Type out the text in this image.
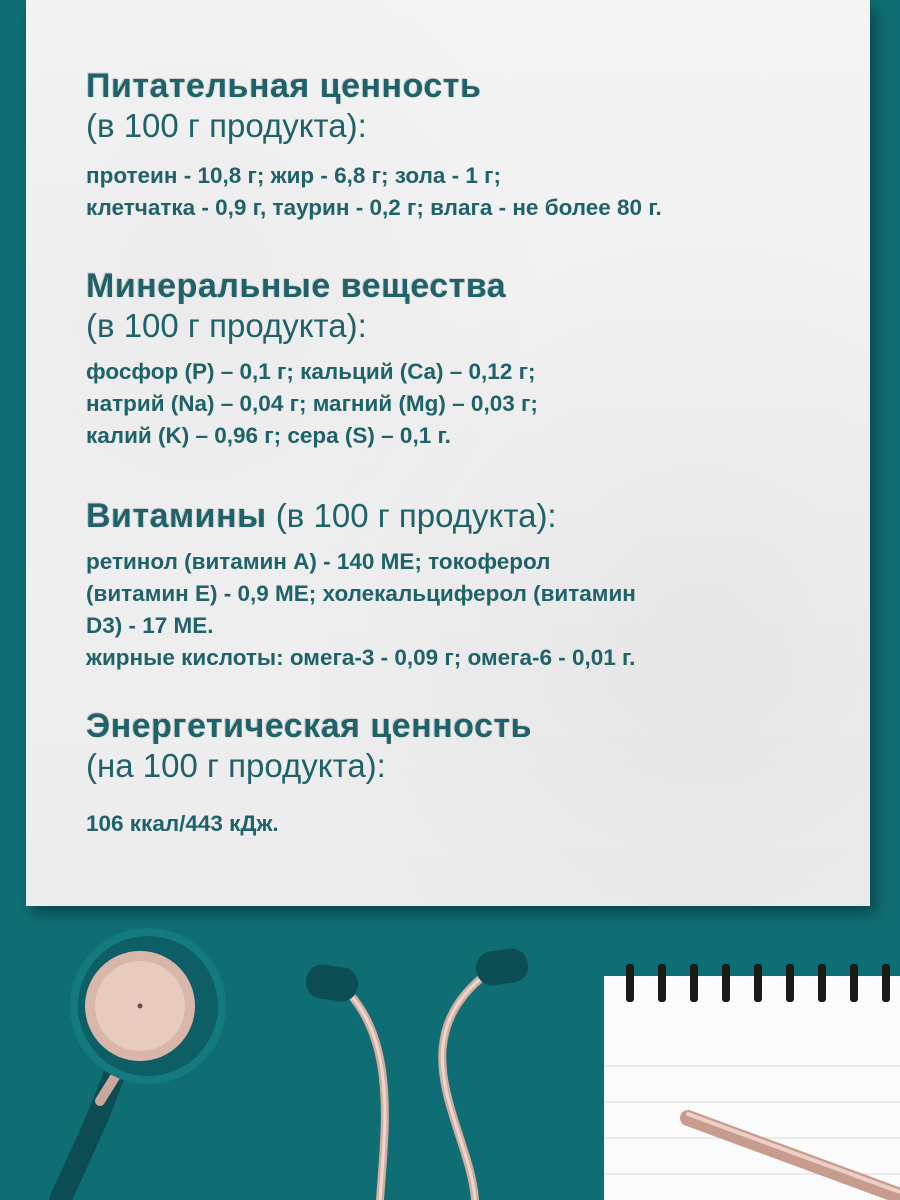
Питательная ценность
(в 100 г продукта):
протеин - 10,8 г; жир - 6,8 г; зола - 1 г;
клетчатка - 0,9 г, таурин - 0,2 г; влага - не более 80 г.
Минеральные вещества
(в 100 г продукта):
фосфор (P) – 0,1 г; кальций (Ca) – 0,12 г;
натрий (Na) – 0,04 г; магний (Mg) – 0,03 г;
калий (K) – 0,96 г; сера (S) – 0,1 г.
Витамины (в 100 г продукта):
ретинол (витамин А) - 140 МЕ; токоферол
(витамин Е) - 0,9 МЕ; холекальциферол (витамин
D3) - 17 МЕ.
жирные кислоты: омега-3 - 0,09 г; омега-6 - 0,01 г.
Энергетическая ценность
(на 100 г продукта):
106 ккал/443 кДж.
